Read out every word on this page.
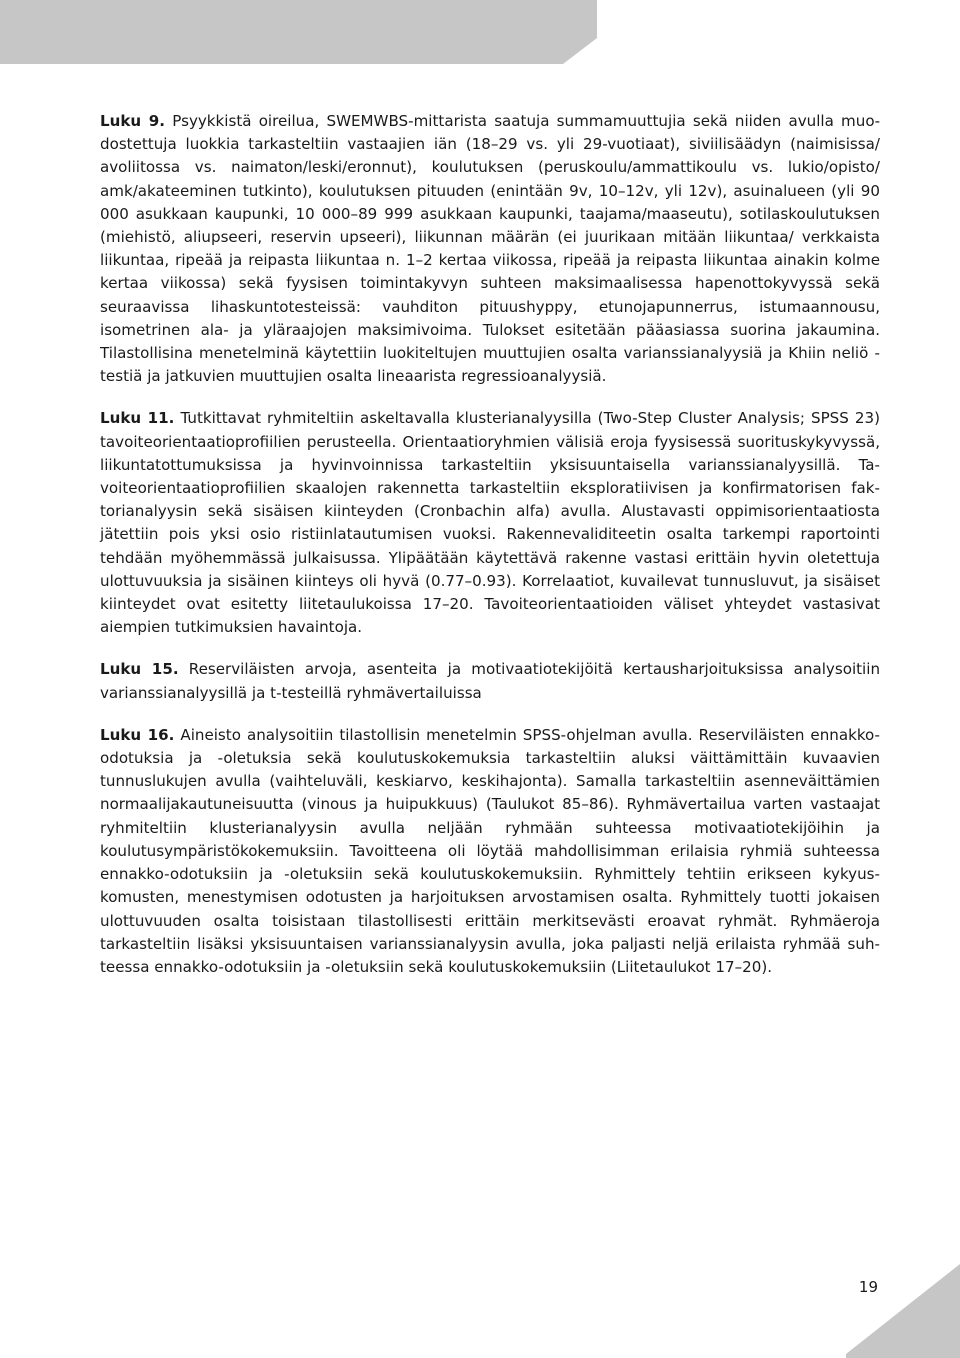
Luku 9. Psyykkistä oireilua, SWEMWBS-mittarista saatuja summamuuttujia sekä niiden avulla muodostettuja luokkia tarkasteltiin vastaajien iän (18–29 vs. yli 29-vuotiaat), siviilisäädyn (naimisissa/ avoliitossa vs. naimaton/leski/eronnut), koulutuksen (peruskoulu/ammattikoulu vs. lukio/opisto/ amk/akateeminen tutkinto), koulutuksen pituuden (enintään 9v, 10–12v, yli 12v), asuinalueen (yli 90 000 asukkaan kaupunki, 10 000–89 999 asukkaan kaupunki, taajama/maaseutu), sotilaskoulutuksen (miehistö, aliupseeri, reservin upseeri), liikunnan määrän (ei juurikaan mitään liikuntaa/ verkkaista liikuntaa, ripeää ja reipasta liikuntaa n. 1–2 kertaa viikossa, ripeää ja reipasta liikuntaa ainakin kolme kertaa viikossa) sekä fyysisen toimintakyvyn suhteen maksimaalisessa hapenottokyvyssä sekä seuraavissa lihaskuntotesteissä: vauhditon pituushyppy, etunojapunnerrus, istumaannousu, isometrinen ala- ja yläraajojen maksimivoima. Tulokset esitetään pääasiassa suorina jakaumina. Tilastollisina menetelminä käytettiin luokiteltujen muuttujien osalta varianssianalyysiä ja Khiin neliö -testiä ja jatkuvien muuttujien osalta lineaarista regressioanalyysiä.

Luku 11. Tutkittavat ryhmiteltiin askeltavalla klusterianalyysilla (Two-Step Cluster Analysis; SPSS 23) tavoiteorientaatioprofiilien perusteella. Orientaatioryhmien välisiä eroja fyysisessä suorituskykyvyssä, liikuntatottumuksissa ja hyvinvoinnissa tarkasteltiin yksisuuntaisella varianssianalyysillä. Tavoiteorientaatioprofiilien skaalojen rakennetta tarkasteltiin eksploratiivisen ja konfirmatorisen faktorianalyysin sekä sisäisen kiinteyden (Cronbachin alfa) avulla. Alustavasti oppimisorientaatiosta jätettiin pois yksi osio ristiinlatautumisen vuoksi. Rakennevaliditeetin osalta tarkempi raportointi tehdään myöhemmässä julkaisussa. Ylipäätään käytettävä rakenne vastasi erittäin hyvin oletettuja ulottuvuuksia ja sisäinen kiinteys oli hyvä (0.77–0.93). Korrelaatiot, kuvailevat tunnusluvut, ja sisäiset kiinteydet ovat esitetty liitetaulukoissa 17–20. Tavoiteorientaatioiden väliset yhteydet vastasivat aiempien tutkimuksien havaintoja.

Luku 15. Reserviläisten arvoja, asenteita ja motivaatiotekijöitä kertausharjoituksissa analysoitiin varianssianalyysillä ja t-testeillä ryhmävertailuissa

Luku 16. Aineisto analysoitiin tilastollisin menetelmin SPSS-ohjelman avulla. Reserviläisten ennakko-odotuksia ja -oletuksia sekä koulutuskokemuksia tarkasteltiin aluksi väittämittäin kuvaavien tunnuslukujen avulla (vaihteluväli, keskiarvo, keskihajonta). Samalla tarkasteltiin asenneväittämien normaalijakautuneisuutta (vinous ja huipukkuus) (Taulukot 85–86). Ryhmävertailua varten vastaajat ryhmiteltiin klusterianalyysin avulla neljään ryhmään suhteessa motivaatiotekijöihin ja koulutusympäristökokemuksiin. Tavoitteena oli löytää mahdollisimman erilaisia ryhmiä suhteessa ennakko-odotuksiin ja -oletuksiin sekä koulutuskokemuksiin. Ryhmittely tehtiin erikseen kykyuskomusten, menestymisen odotusten ja harjoituksen arvostamisen osalta. Ryhmittely tuotti jokaisen ulottuvuuden osalta toisistaan tilastollisesti erittäin merkitsevästi eroavat ryhmät. Ryhmäeroja tarkasteltiin lisäksi yksisuuntaisen varianssianalyysin avulla, joka paljasti neljä erilaista ryhmää suhteessa ennakko-odotuksiin ja -oletuksiin sekä koulutuskokemuksiin (Liitetaulukot 17–20).

19
